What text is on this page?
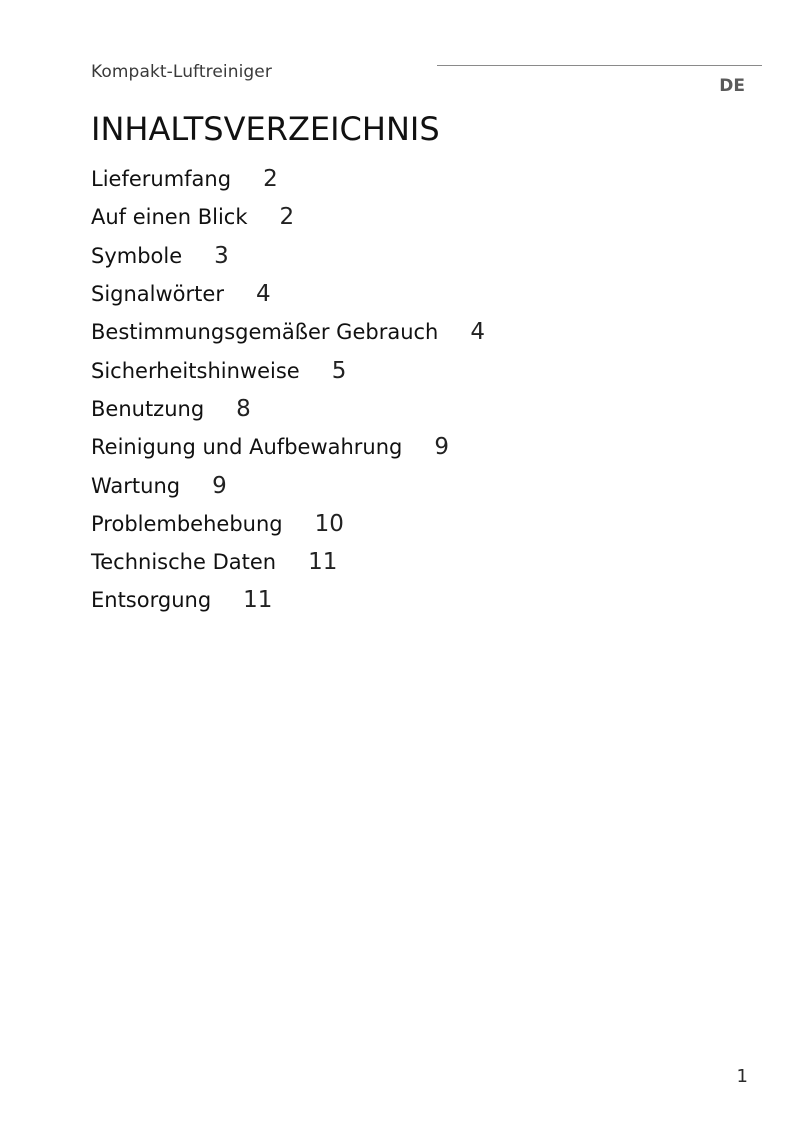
Kompakt-Luftreiniger
DE
INHALTSVERZEICHNIS
Lieferumfang 2
Auf einen Blick 2
Symbole 3
Signalwörter 4
Bestimmungsgemäßer Gebrauch 4
Sicherheitshinweise 5
Benutzung 8
Reinigung und Aufbewahrung 9
Wartung 9
Problembehebung 10
Technische Daten 11
Entsorgung 11
1
